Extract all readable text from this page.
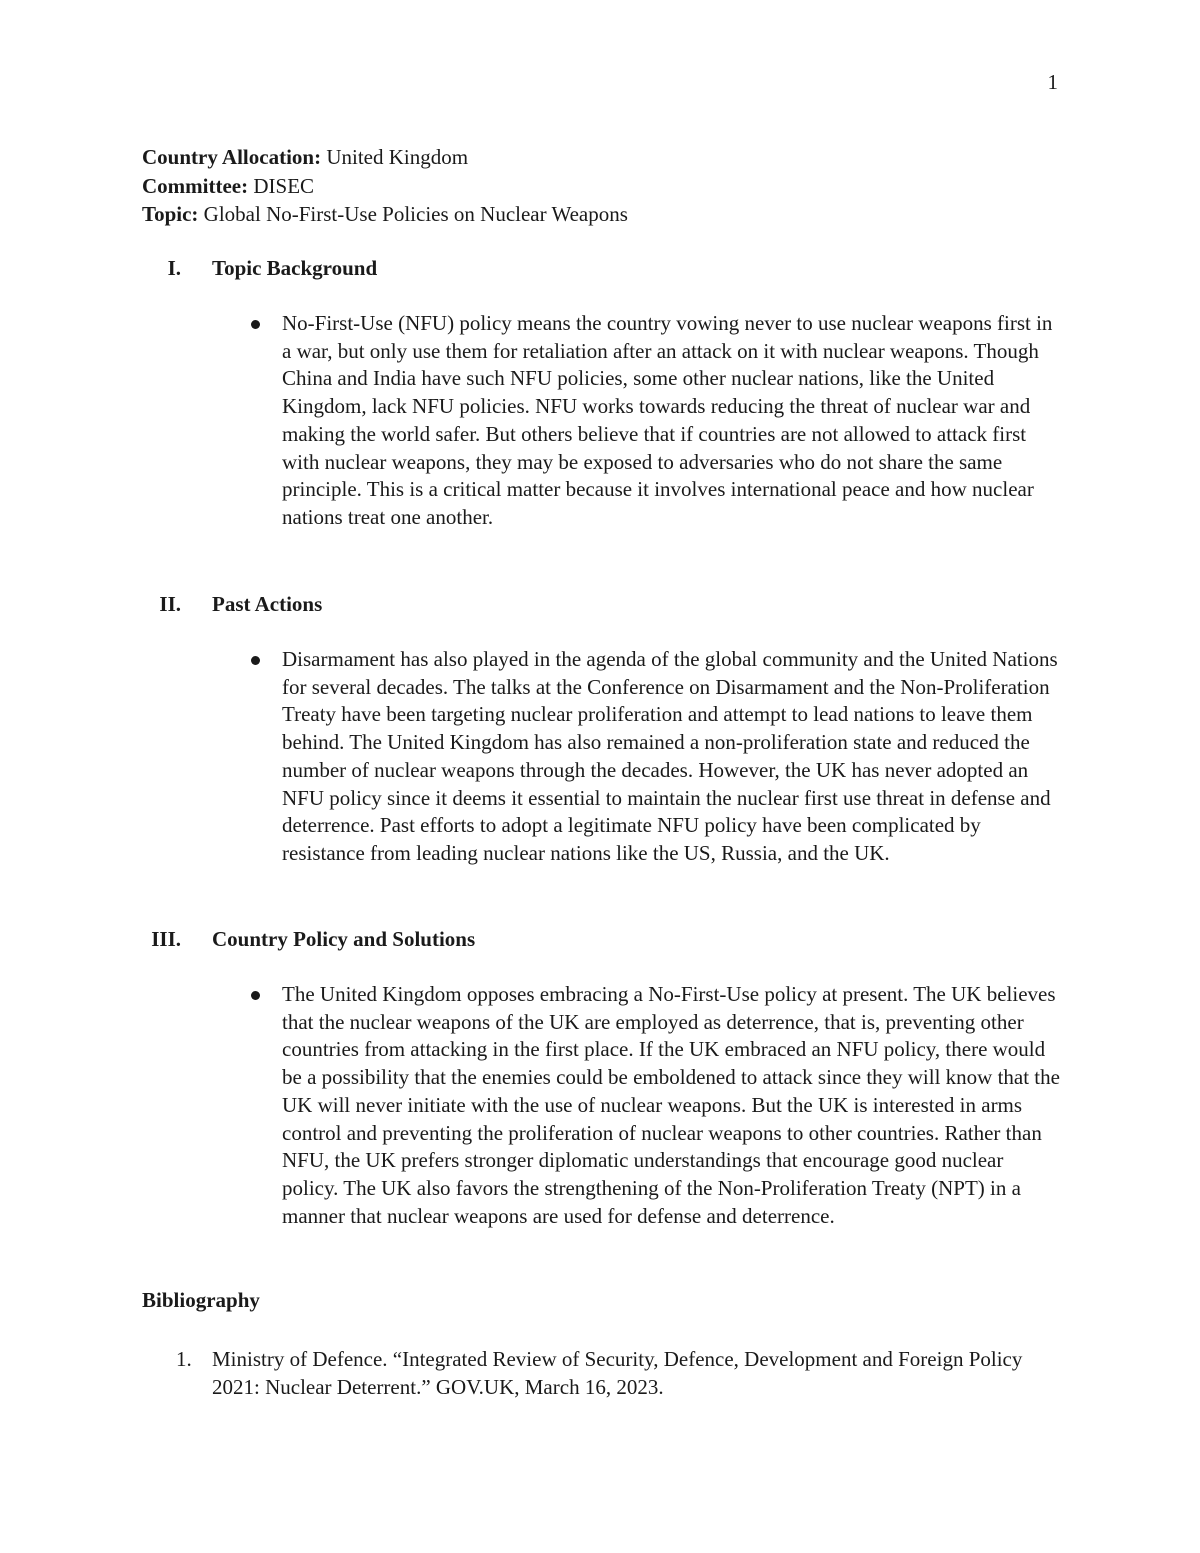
1
Country Allocation: United Kingdom
Committee: DISEC
Topic: Global No-First-Use Policies on Nuclear Weapons
I. Topic Background
No-First-Use (NFU) policy means the country vowing never to use nuclear weapons first in a war, but only use them for retaliation after an attack on it with nuclear weapons. Though China and India have such NFU policies, some other nuclear nations, like the United Kingdom, lack NFU policies. NFU works towards reducing the threat of nuclear war and making the world safer. But others believe that if countries are not allowed to attack first with nuclear weapons, they may be exposed to adversaries who do not share the same principle. This is a critical matter because it involves international peace and how nuclear nations treat one another.
II. Past Actions
Disarmament has also played in the agenda of the global community and the United Nations for several decades. The talks at the Conference on Disarmament and the Non-Proliferation Treaty have been targeting nuclear proliferation and attempt to lead nations to leave them behind. The United Kingdom has also remained a non-proliferation state and reduced the number of nuclear weapons through the decades. However, the UK has never adopted an NFU policy since it deems it essential to maintain the nuclear first use threat in defense and deterrence. Past efforts to adopt a legitimate NFU policy have been complicated by resistance from leading nuclear nations like the US, Russia, and the UK.
III. Country Policy and Solutions
The United Kingdom opposes embracing a No-First-Use policy at present. The UK believes that the nuclear weapons of the UK are employed as deterrence, that is, preventing other countries from attacking in the first place. If the UK embraced an NFU policy, there would be a possibility that the enemies could be emboldened to attack since they will know that the UK will never initiate with the use of nuclear weapons. But the UK is interested in arms control and preventing the proliferation of nuclear weapons to other countries. Rather than NFU, the UK prefers stronger diplomatic understandings that encourage good nuclear policy. The UK also favors the strengthening of the Non-Proliferation Treaty (NPT) in a manner that nuclear weapons are used for defense and deterrence.
Bibliography
1. Ministry of Defence. “Integrated Review of Security, Defence, Development and Foreign Policy 2021: Nuclear Deterrent.” GOV.UK, March 16, 2023.
